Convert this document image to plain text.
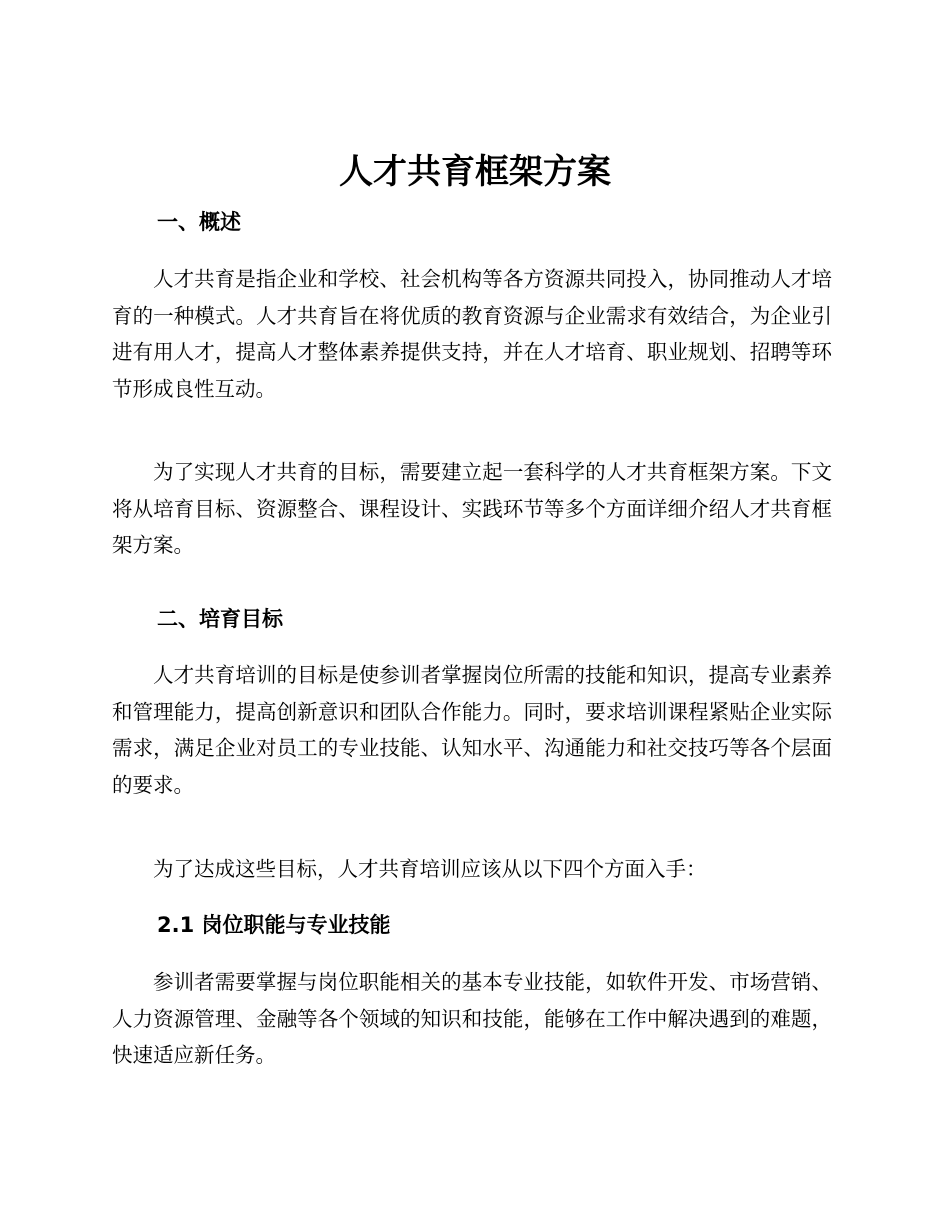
人才共育框架方案
一、概述

人才共育是指企业和学校、社会机构等各方资源共同投入，协同推动人才培育的一种模式。人才共育旨在将优质的教育资源与企业需求有效结合，为企业引进有用人才，提高人才整体素养提供支持，并在人才培育、职业规划、招聘等环节形成良性互动。

为了实现人才共育的目标，需要建立起一套科学的人才共育框架方案。下文将从培育目标、资源整合、课程设计、实践环节等多个方面详细介绍人才共育框架方案。

二、培育目标

人才共育培训的目标是使参训者掌握岗位所需的技能和知识，提高专业素养和管理能力，提高创新意识和团队合作能力。同时，要求培训课程紧贴企业实际需求，满足企业对员工的专业技能、认知水平、沟通能力和社交技巧等各个层面的要求。

为了达成这些目标，人才共育培训应该从以下四个方面入手：

2.1 岗位职能与专业技能

参训者需要掌握与岗位职能相关的基本专业技能，如软件开发、市场营销、人力资源管理、金融等各个领域的知识和技能，能够在工作中解决遇到的难题，快速适应新任务。
